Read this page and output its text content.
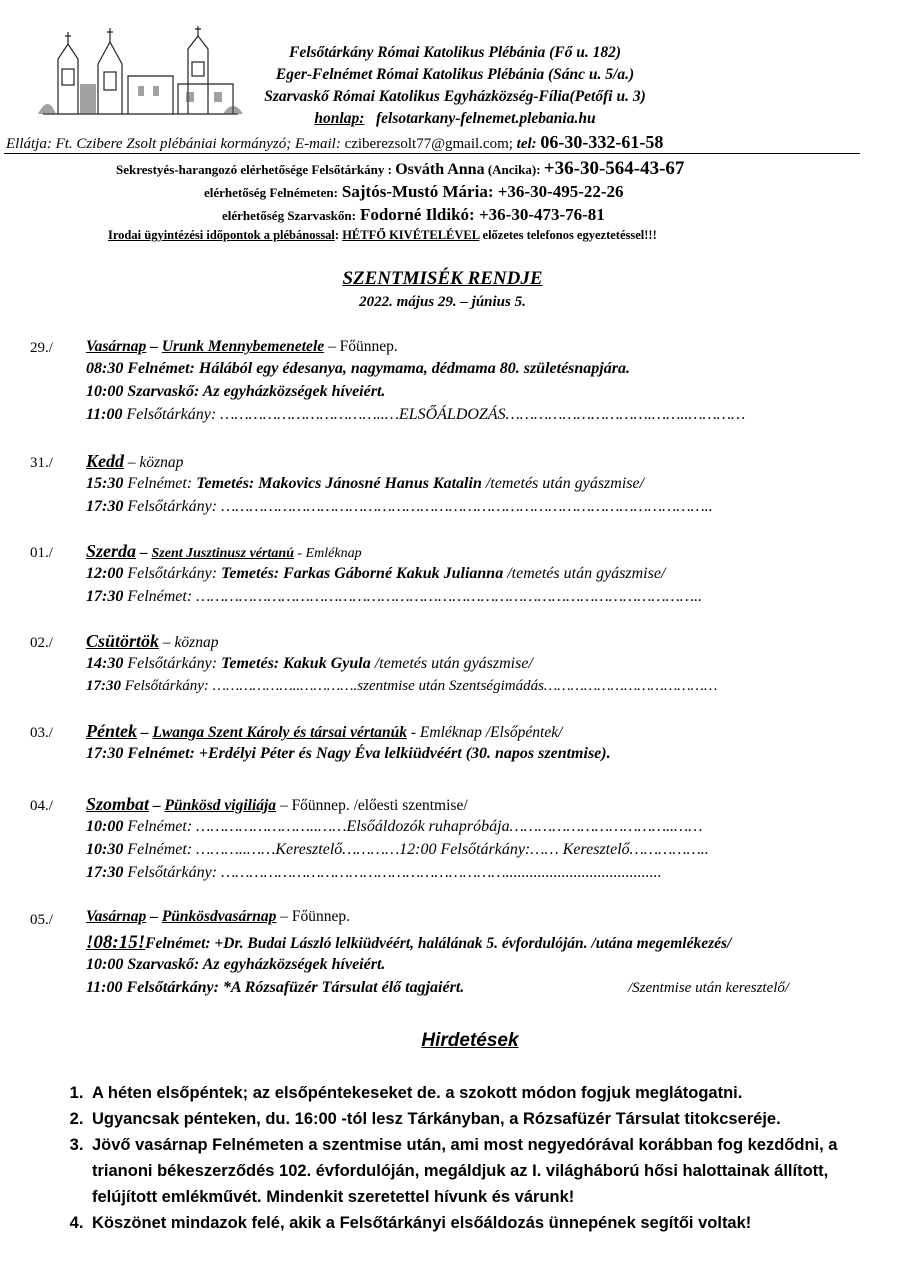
Felsőtárkány Római Katolikus Plébánia (Fő u. 182)
Eger-Felnémet Római Katolikus Plébánia (Sánc u. 5/a.)
Szarvaskő Római Katolikus Egyházközség-Fília(Petőfi u. 3)
honlap: felsotarkany-felnemet.plebania.hu
Ellátja: Ft. Czibere Zsolt plébániai kormányzó; E-mail: cziberezsolt77@gmail.com; tel: 06-30-332-61-58
Sekrestyés-harangozó elérhetősége Felsőtárkány : Osváth Anna (Ancika): +36-30-564-43-67
elérhetőség Felnémeten: Sajtós-Mustó Mária: +36-30-495-22-26
elérhetőség Szarvaskőn: Fodorné Ildikó: +36-30-473-76-81
Irodai ügyintézési időpontok a plébánossal: HÉTFŐ KIVÉTELÉVEL előzetes telefonos egyeztetéssel!!!
SZENTMISÉK RENDJE
2022. május 29. – június 5.
29./ Vasárnap – Urunk Mennybemenetele – Főünnep.
08:30 Felnémet: Hálából egy édesanya, nagymama, dédmama 80. születésnapjára.
10:00 Szarvaskő: Az egyházközségek híveiért.
11:00 Felsőtárkány: ……………………………..…ELSŐÁLDOZÁS………………………….……..…………
31./ Kedd – köznap
15:30 Felnémet: Temetés: Makovics Jánosné Hanus Katalin /temetés után gyászmise/
17:30 Felsőtárkány: …………………………………………………………………………………………..
01./ Szerda – Szent Jusztinusz vértanú - Emléknap
12:00 Felsőtárkány: Temetés: Farkas Gáborné Kakuk Julianna /temetés után gyászmise/
17:30 Felnémet: ……………………………………………………………………………………………..
02./ Csütörtök – köznap
14:30 Felsőtárkány: Temetés: Kakuk Gyula /temetés után gyászmise/
17:30 Felsőtárkány: ………………..………….szentmise után Szentségimádás…………………………………
03./ Péntek – Lwanga Szent Károly és társai vértanúk - Emléknap /Elsőpéntek/
17:30 Felnémet: +Erdélyi Péter és Nagy Éva lelkiüdvéért (30. napos szentmise).
04./ Szombat – Pünkösd vigiliája – Főünnep. /előesti szentmise/
10:00 Felnémet: ……………………..……Elsőáldozók ruhapróbája……………………………..……
10:30 Felnémet: ………..……Keresztelő…………12:00 Felsőtárkány:…… Keresztelő……………..
17:30 Felsőtárkány: …………………………………………………….......................................
05./ Vasárnap – Pünkösdvasárnap – Főünnep.
!08:15!Felnémet: +Dr. Budai László lelkiüdvéért, halálának 5. évfordulóján. /utána megemlékezés/
10:00 Szarvaskő: Az egyházközségek híveiért.
11:00 Felsőtárkány: *A Rózsafüzér Társulat élő tagjaiért.	/Szentmise után keresztelő/
Hirdetések
1. A héten elsőpéntek; az elsőpéntekeseket de. a szokott módon fogjuk meglátogatni.
2. Ugyancsak pénteken, du. 16:00 -tól lesz Tárkányban, a Rózsafüzér Társulat titokcseréje.
3. Jövő vasárnap Felnémeten a szentmise után, ami most negyedórával korábban fog kezdődni, a trianoni békeszerződés 102. évfordulóján, megáldjuk az I. világháború hősi halottainak állított, felújított emlékművét. Mindenkit szeretettel hívunk és várunk!
4. Köszönet mindazok felé, akik a Felsőtárkányi elsőáldozás ünnepének segítői voltak!
